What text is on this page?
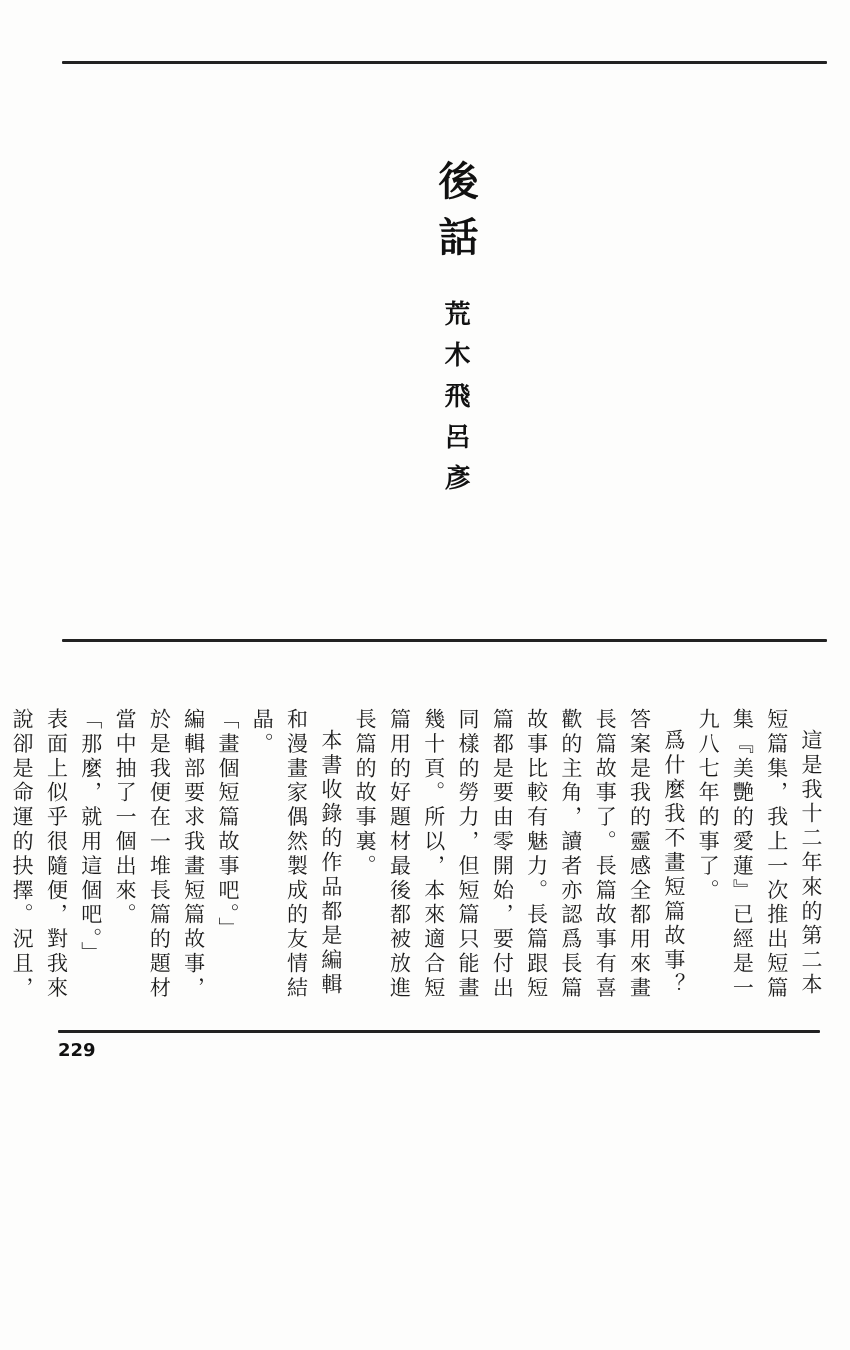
後話
荒木飛呂彥

這是我十二年來的第二本短篇集，我上一次推出短篇集『美艷的愛蓮』已經是一九八七年的事了。

爲什麼我不畫短篇故事？答案是我的靈感全都用來畫長篇故事了。長篇故事有喜歡的主角，讀者亦認爲長篇故事比較有魅力。長篇跟短篇都是要由零開始，要付出同樣的勞力，但短篇只能畫幾十頁。所以，本來適合短篇用的好題材最後都被放進長篇的故事裏。

本書收錄的作品都是編輯和漫畫家偶然製成的友情結晶。

「畫個短篇故事吧。」

編輯部要求我畫短篇故事，於是我便在一堆長篇的題材當中抽了一個出來。

「那麼，就用這個吧。」

表面上似乎很隨便，對我來說卻是命運的抉擇。況且，

229
